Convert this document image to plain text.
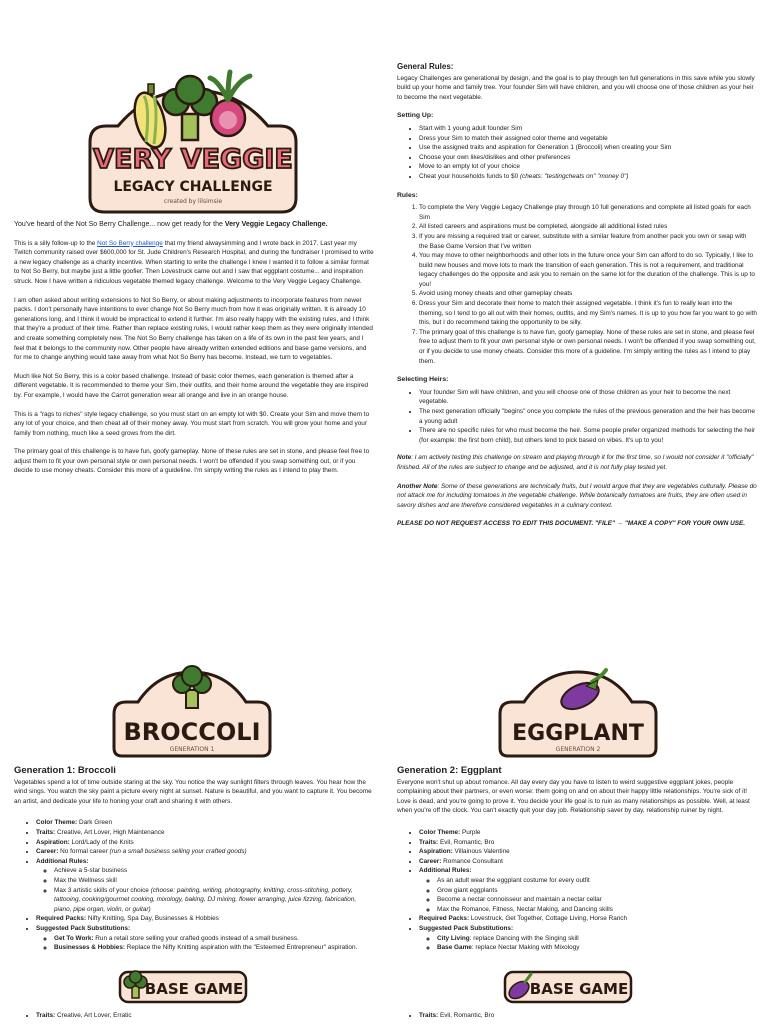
VERY VEGGIE
LEGACY CHALLENGE
created by lilsimsie

You've heard of the Not So Berry Challenge... now get ready for the Very Veggie Legacy Challenge.

This is a silly follow-up to the Not So Berry challenge that my friend alwaysimming and I wrote back in 2017. Last year my Twitch community raised over $600,000 for St. Jude Children's Research Hospital, and during the fundraiser I promised to write a new legacy challenge as a charity incentive. When starting to write the challenge I knew I wanted it to follow a similar format to Not So Berry, but maybe just a little goofier. Then Lovestruck came out and I saw that eggplant costume... and inspiration struck. Now I have written a ridiculous vegetable themed legacy challenge. Welcome to the Very Veggie Legacy Challenge.

I am often asked about writing extensions to Not So Berry, or about making adjustments to incorporate features from newer packs. I don't personally have intentions to ever change Not So Berry much from how it was originally written. It is already 10 generations long, and I think it would be impractical to extend it further. I'm also really happy with the existing rules, and I think that they're a product of their time. Rather than replace existing rules, I would rather keep them as they were originally intended and create something completely new. The Not So Berry challenge has taken on a life of its own in the past few years, and I feel that it belongs to the community now. Other people have already written extended editions and base game versions, and for me to change anything would take away from what Not So Berry has become. Instead, we turn to vegetables.

Much like Not So Berry, this is a color based challenge. Instead of basic color themes, each generation is themed after a different vegetable. It is recommended to theme your Sim, their outfits, and their home around the vegetable they are inspired by. For example, I would have the Carrot generation wear all orange and live in an orange house.

This is a "rags to riches" style legacy challenge, so you must start on an empty lot with $0. Create your Sim and move them to any lot of your choice, and then cheat all of their money away. You must start from scratch. You will grow your home and your family from nothing, much like a seed grows from the dirt.

The primary goal of this challenge is to have fun, goofy gameplay. None of these rules are set in stone, and please feel free to adjust them to fit your own personal style or own personal needs. I won't be offended if you swap something out, or if you decide to use money cheats. Consider this more of a guideline. I'm simply writing the rules as I intend to play them.

General Rules:

Legacy Challenges are generational by design, and the goal is to play through ten full generations in this save while you slowly build up your home and family tree. Your founder Sim will have children, and you will choose one of those children as your heir to become the next vegetable.

Setting Up:
• Start with 1 young adult founder Sim
• Dress your Sim to match their assigned color theme and vegetable
• Use the assigned traits and aspiration for Generation 1 (Broccoli) when creating your Sim
• Choose your own likes/dislikes and other preferences
• Move to an empty lot of your choice
• Cheat your households funds to $0 (cheats: "testingcheats on" "money 0")
Rules:
1. To complete the Very Veggie Legacy Challenge play through 10 full generations and complete all listed goals for each Sim
2. All listed careers and aspirations must be completed, alongside all additional listed rules
3. If you are missing a required trait or career, substitute with a similar feature from another pack you own or swap with the Base Game Version that I've written
4. You may move to other neighborhoods and other lots in the future once your Sim can afford to do so. Typically, I like to build new houses and move lots to mark the transition of each generation. This is not a requirement, and traditional legacy challenges do the opposite and ask you to remain on the same lot for the duration of the challenge. This is up to you!
5. Avoid using money cheats and other gameplay cheats
6. Dress your Sim and decorate their home to match their assigned vegetable. I think it's fun to really lean into the theming, so I tend to go all out with their homes, outfits, and my Sim's names. It is up to you how far you want to go with this, but I do recommend taking the opportunity to be silly.
7. The primary goal of this challenge is to have fun, goofy gameplay. None of these rules are set in stone, and please feel free to adjust them to fit your own personal style or own personal needs. I won't be offended if you swap something out, or if you decide to use money cheats. Consider this more of a guideline. I'm simply writing the rules as I intend to play them.
Selecting Heirs:
• Your founder Sim will have children, and you will choose one of those children as your heir to become the next vegetable.
• The next generation officially "begins" once you complete the rules of the previous generation and the heir has become a young adult
• There are no specific rules for who must become the heir. Some people prefer organized methods for selecting the heir (for example: the first born child), but others tend to pick based on vibes. It's up to you!

Note: I am actively testing this challenge on stream and playing through it for the first time, so I would not consider it "officially" finished. All of the rules are subject to change and be adjusted, and it is not fully play tested yet.

Another Note: Some of these generations are technically fruits, but I would argue that they are vegetables culturally. Please do not attack me for including tomatoes in the vegetable challenge. While botanically tomatoes are fruits, they are often used in savory dishes and are therefore considered vegetables in a culinary context.

PLEASE DO NOT REQUEST ACCESS TO EDIT THIS DOCUMENT. "FILE" → "MAKE A COPY" FOR YOUR OWN USE.

BROCCOLI
GENERATION 1
EGGPLANT
GENERATION 2
Generation 1: Broccoli

Vegetables spend a lot of time outside staring at the sky. You notice the way sunlight filters through leaves. You hear how the wind sings. You watch the sky paint a picture every night at sunset. Nature is beautiful, and you want to capture it. You become an artist, and dedicate your life to honing your craft and sharing it with others.

• Color Theme: Dark Green
• Traits: Creative, Art Lover, High Maintenance
• Aspiration: Lord/Lady of the Knits
• Career: No formal career (run a small business selling your crafted goods)
• Additional Rules:
◦ Achieve a 5-star business
◦ Max the Wellness skill
◦ Max 3 artistic skills of your choice (choose: painting, writing, photography, knitting, cross-stitching, pottery, tattooing, cooking/gourmet cooking, mixology, baking, DJ mixing, flower arranging, juice fizzing, fabrication, piano, pipe organ, violin, or guitar)
• Required Packs: Nifty Knitting, Spa Day, Businesses & Hobbies
• Suggested Pack Substitutions:
◦ Get To Work: Run a retail store selling your crafted goods instead of a small business.
◦ Businesses & Hobbies: Replace the Nifty Knitting aspiration with the "Esteemed Entrepreneur" aspiration.
Generation 2: Eggplant

Everyone won't shut up about romance. All day every day you have to listen to weird suggestive eggplant jokes, people complaining about their partners, or even worse: them going on and on about their happy little relationships. You're sick of it! Love is dead, and you're going to prove it. You decide your life goal is to ruin as many relationships as possible. Well, at least when you're off the clock. You can't exactly quit your day job. Relationship saver by day, relationship ruiner by night.

• Color Theme: Purple
• Traits: Evil, Romantic, Bro
• Aspiration: Villainous Valentine
• Career: Romance Consultant
• Additional Rules:
◦ As an adult wear the eggplant costume for every outfit
◦ Grow giant eggplants
◦ Become a nectar connoisseur and maintain a nectar cellar
◦ Max the Romance, Fitness, Nectar Making, and Dancing skills
• Required Packs: Lovestruck, Get Together, Cottage Living, Horse Ranch
• Suggested Pack Substitutions:
◦ City Living: replace Dancing with the Singing skill
◦ Base Game: replace Nectar Making with Mixology
BASE GAME	BASE GAME
• Traits: Creative, Art Lover, Erratic
•	Traits: Evil, Romantic, Bro
